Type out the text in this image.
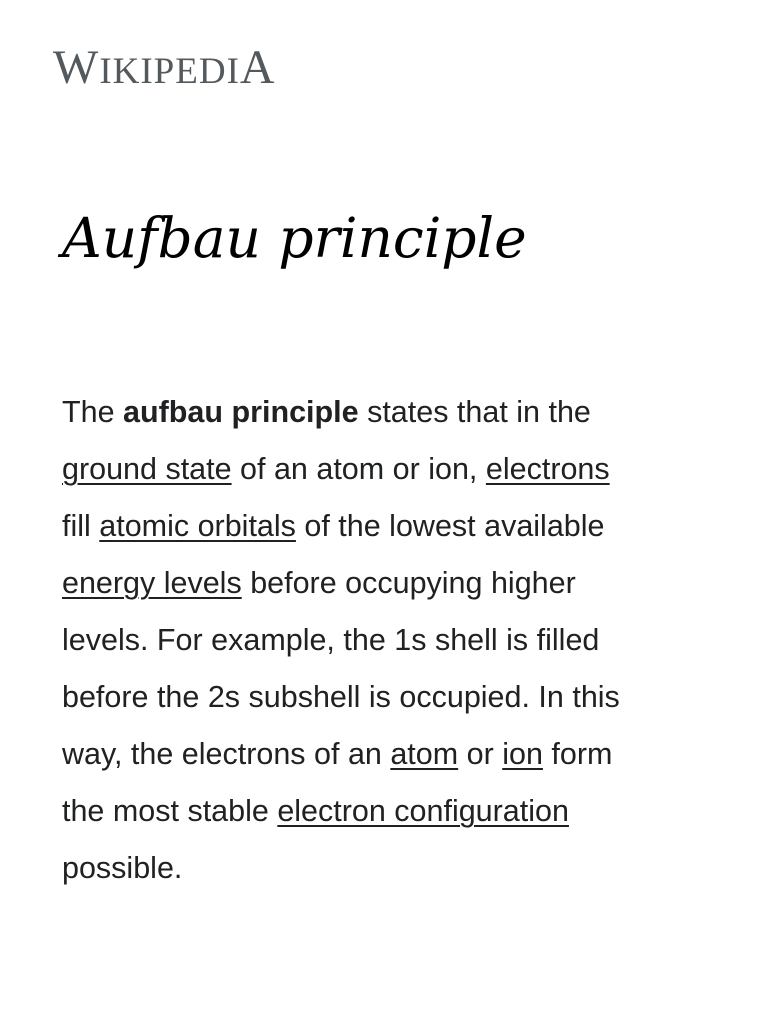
WIKIPEDIA
Aufbau principle

The aufbau principle states that in the
ground state of an atom or ion, electrons
fill atomic orbitals of the lowest available
energy levels before occupying higher
levels. For example, the 1s shell is filled
before the 2s subshell is occupied. In this
way, the electrons of an atom or ion form
the most stable electron configuration
possible.
